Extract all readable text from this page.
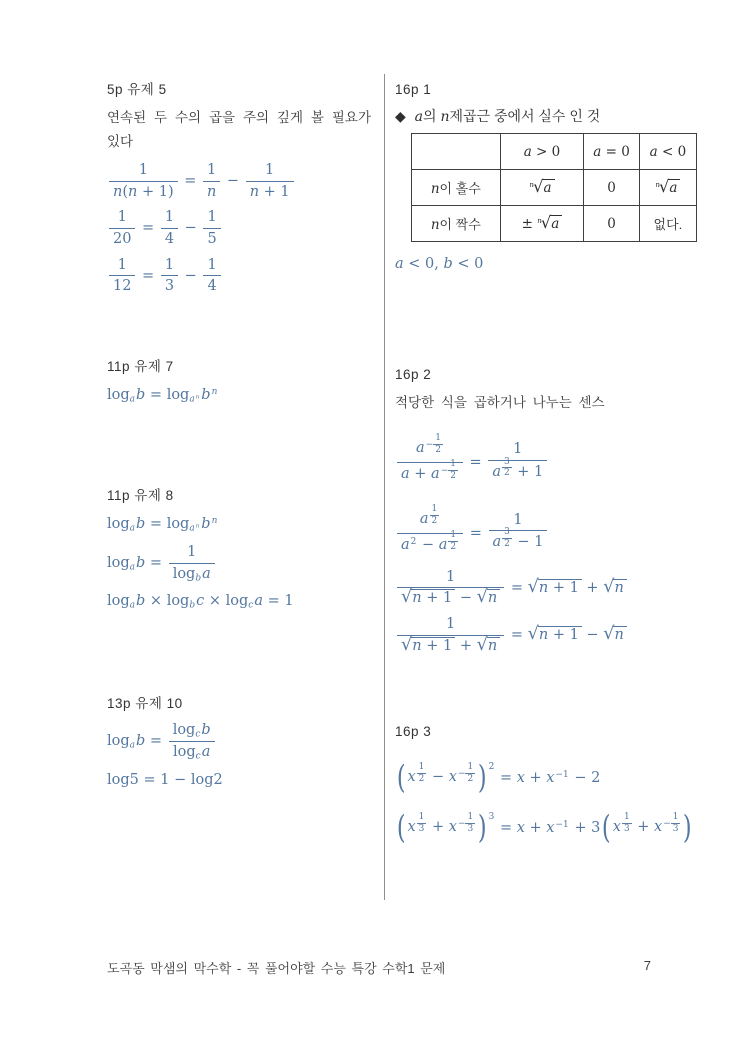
5p 유제 5

연속된 두 수의 곱을 주의 깊게 볼 필요가 있다

$\frac{1}{n(n + 1)} = \frac{1}{n} - \frac{1}{n + 1}$
$\frac{1}{20} = \frac{1}{4} - \frac{1}{5}$
$\frac{1}{12} = \frac{1}{3} - \frac{1}{4}$
11p 유제 7
logab = logan bn
11p 유제 8
logab = logan bn
logab = $\frac{1}{\text{logba}}$
logab × logbc × logca = 1
13p 유제 10
logab = $\frac{\text{logcb}}{\text{logca}}$
log5 = 1 − log2
16p 1
◆  a의 n제곱근 중에서 실수 인 것
	a > 0	a = 0	a < 0
n이 홀수	n√a	0	n√a
n이 짝수	± n√a	0	없다.
a < 0, b < 0
16p 2

적당한 식을 곱하거나 나누는 센스

$\frac{a- \frac{1}{2}}{a + a- \frac{1}{2}} = \frac{1}{a \frac{3}{2} + 1}$
$\frac{a \frac{1}{2}}{a2 - a \frac{1}{2}} = \frac{1}{a \frac{3}{2} - 1}$
$\frac{1}{√n + 1 - √n} = √n + 1 + √n$
$\frac{1}{√n + 1 + √n} = √n + 1 - √n$
16p 3
( x $\frac{1}{2} - x- \frac{1}{2}$ ) 2
= x + x−1 − 2
( x $\frac{1}{3} + x- \frac{1}{3}$ ) 3
= x + x−1 + 3 ( x $\frac{1}{3} + x- \frac{1}{3}$ )
도곡동 막샘의 막수학 - 꼭 풀어야할 수능 특강 수학1 문제	7
